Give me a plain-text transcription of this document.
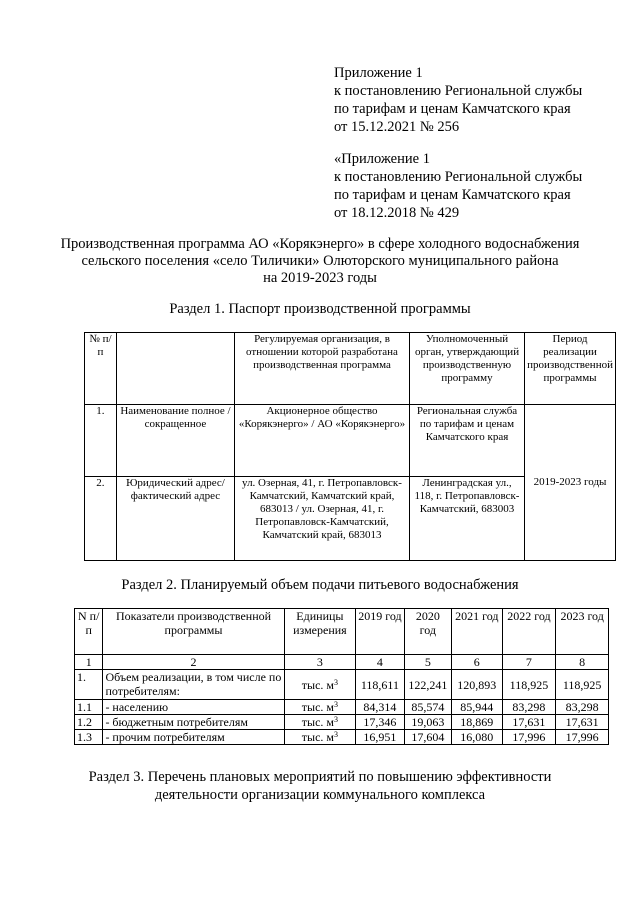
Приложение 1
к постановлению Региональной службы
по тарифам и ценам Камчатского края
от 15.12.2021 № 256
«Приложение 1
к постановлению Региональной службы
по тарифам и ценам Камчатского края
от 18.12.2018 № 429
Производственная программа АО «Корякэнерго» в сфере холодного водоснабжения
сельского поселения «село Тиличики» Олюторского муниципального района
на 2019-2023 годы
Раздел 1. Паспорт производственной программы
№ п/п		Регулируемая организация, в отношении которой разработана производственная программа	Уполномоченный орган, утверждающий производственную программу	Период реализации производственной программы
1.	Наименование полное / сокращенное	Акционерное общество «Корякэнерго» / АО «Корякэнерго»	Региональная служба по тарифам и ценам Камчатского края	2019-2023 годы
2.	Юридический адрес/фактический адрес	ул. Озерная, 41, г. Петропавловск-Камчатский, Камчатский край, 683013 / ул. Озерная, 41, г. Петропавловск-Камчатский, Камчатский край, 683013	Ленинградская ул., 118, г. Петропавловск-Камчатский, 683003	
Раздел 2. Планируемый объем подачи питьевого водоснабжения
N п/п	Показатели производственной программы	Единицы измерения	2019 год	2020 год	2021 год	2022 год	2023 год
1	2	3	4	5	6	7	8
1.	Объем реализации, в том числе по потребителям:	тыс. $м^3$	118,611	122,241	120,893	118,925	118,925
1.1	- населению	тыс. $м^3$	84,314	85,574	85,944	83,298	83,298
1.2	- бюджетным потребителям	тыс. $м^3$	17,346	19,063	18,869	17,631	17,631
1.3	- прочим потребителям	тыс. $м^3$	16,951	17,604	16,080	17,996	17,996
Раздел 3. Перечень плановых мероприятий по повышению эффективности
деятельности организации коммунального комплекса
